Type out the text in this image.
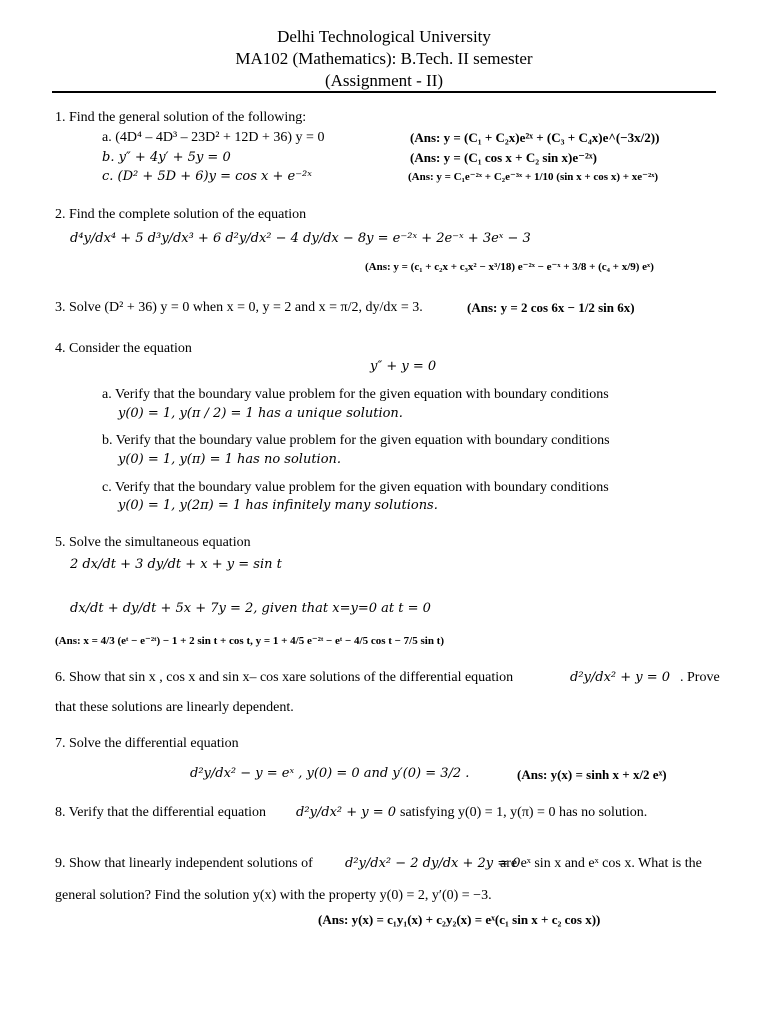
Delhi Technological University
MA102 (Mathematics): B.Tech. II semester
(Assignment - II)
1. Find the general solution of the following:
a. (4D⁴ – 4D³ – 23D² + 12D + 36) y = 0	(Ans: y = (C₁ + C₂x)e²ˣ + (C₃ + C₄x)e^(−3x/2))
b. y″ + 4y′ + 5y = 0	(Ans: y = (C₁ cos x + C₂ sin x)e⁻²ˣ)
c. (D² + 5D + 6)y = cos x + e⁻²ˣ	(Ans: y = C₁e⁻²ˣ + C₂e⁻³ˣ + 1/10 (sin x + cos x) + xe⁻²ˣ)
2. Find the complete solution of the equation
d⁴y/dx⁴ + 5 d³y/dx³ + 6 d²y/dx² − 4 dy/dx − 8y = e⁻²ˣ + 2e⁻ˣ + 3eˣ − 3
(Ans: y = (c₁ + c₂x + c₃x² − x³/18) e⁻²ˣ − e⁻ˣ + 3/8 + (c₄ + x/9) eˣ)
3. Solve (D² + 36) y = 0 when x = 0, y = 2 and x = π/2, dy/dx = 3.	(Ans: y = 2 cos 6x − 1/2 sin 6x)
4. Consider the equation
y″ + y = 0
a. Verify that the boundary value problem for the given equation with boundary conditions
y(0) = 1, y(π / 2) = 1 has a unique solution.
b. Verify that the boundary value problem for the given equation with boundary conditions
y(0) = 1, y(π) = 1 has no solution.
c. Verify that the boundary value problem for the given equation with boundary conditions
y(0) = 1, y(2π) = 1 has infinitely many solutions.
5. Solve the simultaneous equation
2 dx/dt + 3 dy/dt + x + y = sin t
dx/dt + dy/dt + 5x + 7y = 2, given that x=y=0 at t = 0
(Ans: x = 4/3 (eᵗ − e⁻²ᵗ) − 1 + 2 sin t + cos t, y = 1 + 4/5 e⁻²ᵗ − eᵗ − 4/5 cos t − 7/5 sin t)
6. Show that sin x , cos x and sin x– cos xare solutions of the differential equation	d²y/dx² + y = 0 . Prove
that these solutions are linearly dependent.
7. Solve the differential equation
d²y/dx² − y = eˣ , y(0) = 0 and y′(0) = 3/2 .	(Ans: y(x) = sinh x + x/2 eˣ)
8. Verify that the differential equation d²y/dx² + y = 0 satisfying y(0) = 1, y(π) = 0 has no solution.
9. Show that linearly independent solutions of d²y/dx² − 2 dy/dx + 2y = 0
are eˣ sin x and eˣ cos x. What is the
general solution? Find the solution y(x) with the property y(0) = 2, y′(0) = −3.
(Ans: y(x) = c₁y₁(x) + c₂y₂(x) = eˣ(c₁ sin x + c₂ cos x))
